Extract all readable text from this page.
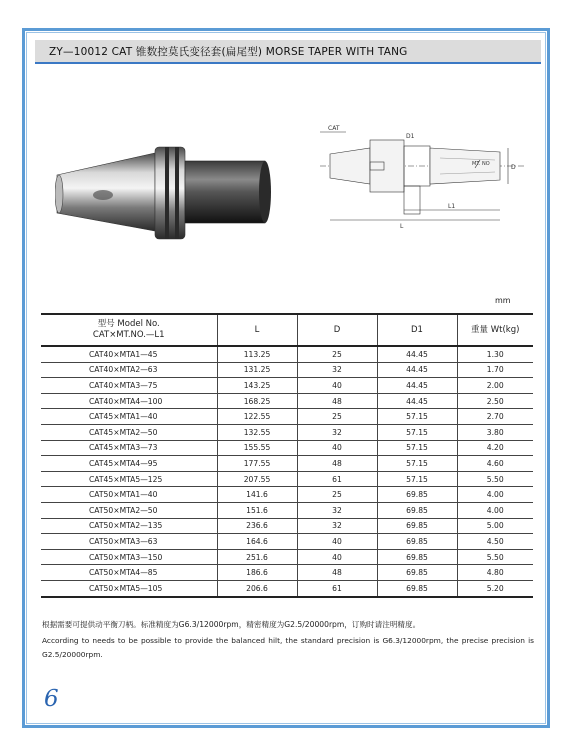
ZY—10012 CAT 锥数控莫氏变径套(扁尾型) MORSE TAPER WITH TANG
CAT
D1
D
MT. NO
L1
L
mm
型号 Model No.
CAT×MT.NO.—L1	L	D	D1	重量 Wt(kg)
CAT40×MTA1—45	113.25	25	44.45	1.30
CAT40×MTA2—63	131.25	32	44.45	1.70
CAT40×MTA3—75	143.25	40	44.45	2.00
CAT40×MTA4—100	168.25	48	44.45	2.50
CAT45×MTA1—40	122.55	25	57.15	2.70
CAT45×MTA2—50	132.55	32	57.15	3.80
CAT45×MTA3—73	155.55	40	57.15	4.20
CAT45×MTA4—95	177.55	48	57.15	4.60
CAT45×MTA5—125	207.55	61	57.15	5.50
CAT50×MTA1—40	141.6	25	69.85	4.00
CAT50×MTA2—50	151.6	32	69.85	4.00
CAT50×MTA2—135	236.6	32	69.85	5.00
CAT50×MTA3—63	164.6	40	69.85	4.50
CAT50×MTA3—150	251.6	40	69.85	5.50
CAT50×MTA4—85	186.6	48	69.85	4.80
CAT50×MTA5—105	206.6	61	69.85	5.20
根据需要可提供动平衡刀柄。标准精度为G6.3/12000rpm，精密精度为G2.5/20000rpm，订购时请注明精度。
According to needs to be possible to provide the balanced hilt, the standard precision is G6.3/12000rpm, the precise precision is G2.5/20000rpm.
6
